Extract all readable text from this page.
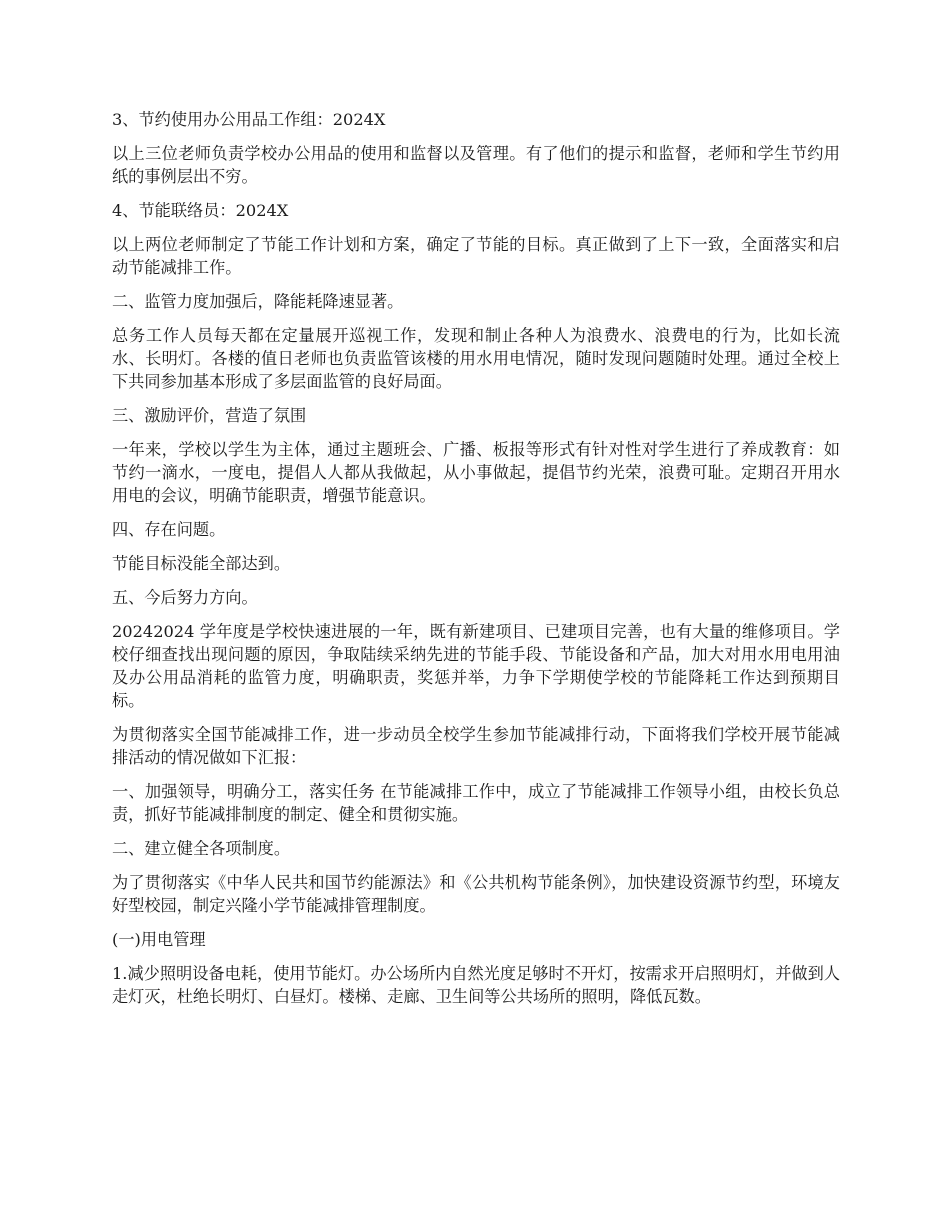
3、节约使用办公用品工作组：2024X

以上三位老师负责学校办公用品的使用和监督以及管理。有了他们的提示和监督，老师和学生节约用纸的事例层出不穷。

4、节能联络员：2024X

以上两位老师制定了节能工作计划和方案，确定了节能的目标。真正做到了上下一致，全面落实和启动节能减排工作。

二、监管力度加强后，降能耗降速显著。

总务工作人员每天都在定量展开巡视工作，发现和制止各种人为浪费水、浪费电的行为，比如长流水、长明灯。各楼的值日老师也负责监管该楼的用水用电情况，随时发现问题随时处理。通过全校上下共同参加基本形成了多层面监管的良好局面。

三、激励评价，营造了氛围

一年来，学校以学生为主体，通过主题班会、广播、板报等形式有针对性对学生进行了养成教育：如节约一滴水，一度电，提倡人人都从我做起，从小事做起，提倡节约光荣，浪费可耻。定期召开用水用电的会议，明确节能职责，增强节能意识。

四、存在问题。

节能目标没能全部达到。

五、今后努力方向。

20242024 学年度是学校快速进展的一年，既有新建项目、已建项目完善，也有大量的维修项目。学校仔细查找出现问题的原因，争取陆续采纳先进的节能手段、节能设备和产品，加大对用水用电用油及办公用品消耗的监管力度，明确职责，奖惩并举，力争下学期使学校的节能降耗工作达到预期目标。

为贯彻落实全国节能减排工作，进一步动员全校学生参加节能减排行动，下面将我们学校开展节能减排活动的情况做如下汇报：

一、加强领导，明确分工，落实任务 在节能减排工作中，成立了节能减排工作领导小组，由校长负总责，抓好节能减排制度的制定、健全和贯彻实施。

二、建立健全各项制度。

为了贯彻落实《中华人民共和国节约能源法》和《公共机构节能条例》，加快建设资源节约型，环境友好型校园，制定兴隆小学节能减排管理制度。

(一)用电管理

1.减少照明设备电耗，使用节能灯。办公场所内自然光度足够时不开灯，按需求开启照明灯，并做到人走灯灭，杜绝长明灯、白昼灯。楼梯、走廊、卫生间等公共场所的照明，降低瓦数。
